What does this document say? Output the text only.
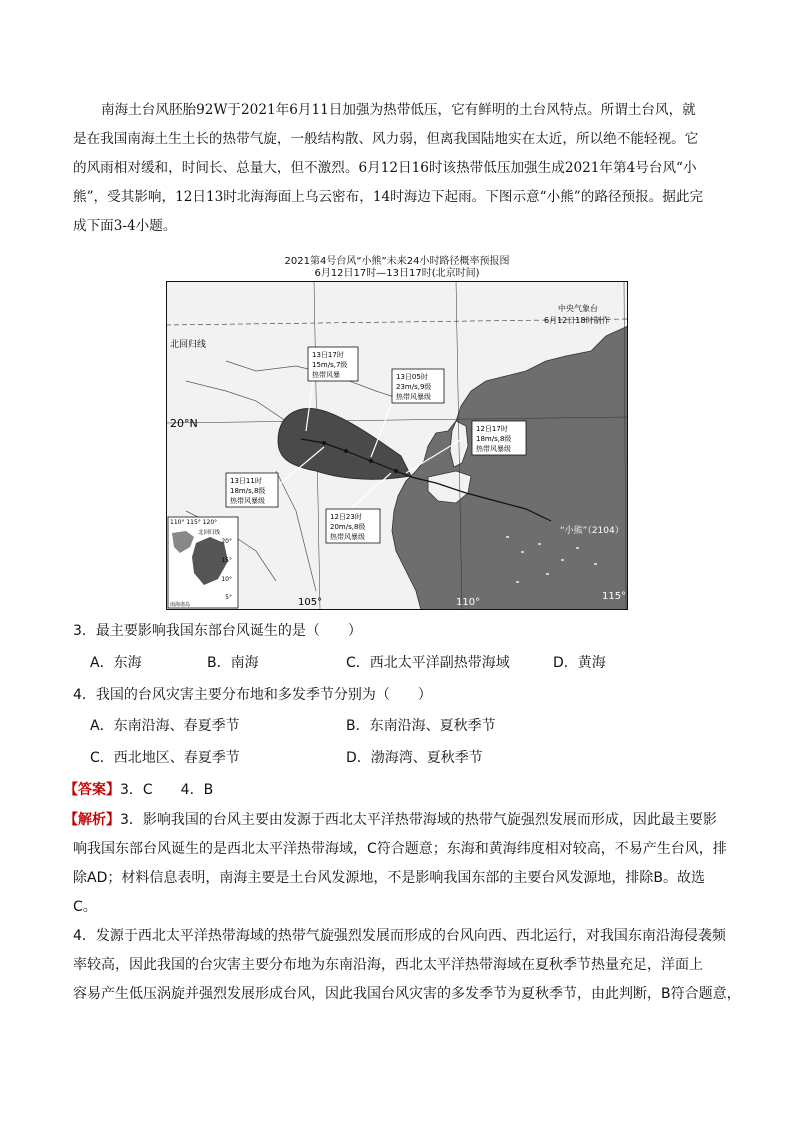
南海土台风胚胎92W于2021年6月11日加强为热带低压，它有鲜明的土台风特点。所谓土台风，就
是在我国南海土生土长的热带气旋，一般结构散、风力弱，但离我国陆地实在太近，所以绝不能轻视。它
的风雨相对缓和，时间长、总量大，但不激烈。6月12日16时该热带低压加强生成2021年第4号台风“小
熊”，受其影响，12日13时北海海面上乌云密布，14时海边下起雨。下图示意“小熊”的路径预报。据此完
成下面3-4小题。
2021第4号台风“小熊”未来24小时路径概率预报图
6月12日17时—13日17时(北京时间)
13日17时
15m/s,7级
热带风暴	13日05时
23m/s,9级
热带风暴级
12日17时
18m/s,8级
热带风暴级
13日11时
18m/s,8级
热带风暴级
12日23时
20m/s,8级
热带风暴级
中央气象台
6月12日18时制作
北回归线
20°N
105°	110°
115°
“小熊”（2104）
110° 115° 120°
北回归线
20°
15°
10°
5°
南海诸岛
3．最主要影响我国东部台风诞生的是（　　）
A．东海	B．南海	C．西北太平洋副热带海域	D．黄海
4．我国的台风灾害主要分布地和多发季节分别为（　　）
A．东南沿海、春夏季节	B．东南沿海、夏秋季节
C．西北地区、春夏季节	D．渤海湾、夏秋季节
【答案】3．C　　4．B
【解析】3．影响我国的台风主要由发源于西北太平洋热带海域的热带气旋强烈发展而形成，因此最主要影
响我国东部台风诞生的是西北太平洋热带海域，C符合题意；东海和黄海纬度相对较高，不易产生台风，排
除AD；材料信息表明，南海主要是土台风发源地，不是影响我国东部的主要台风发源地，排除B。故选
C。
4．发源于西北太平洋热带海域的热带气旋强烈发展而形成的台风向西、西北运行，对我国东南沿海侵袭频
率较高，因此我国的台灾害主要分布地为东南沿海，西北太平洋热带海域在夏秋季节热量充足，洋面上
容易产生低压涡旋并强烈发展形成台风，因此我国台风灾害的多发季节为夏秋季节，由此判断，B符合题意，
